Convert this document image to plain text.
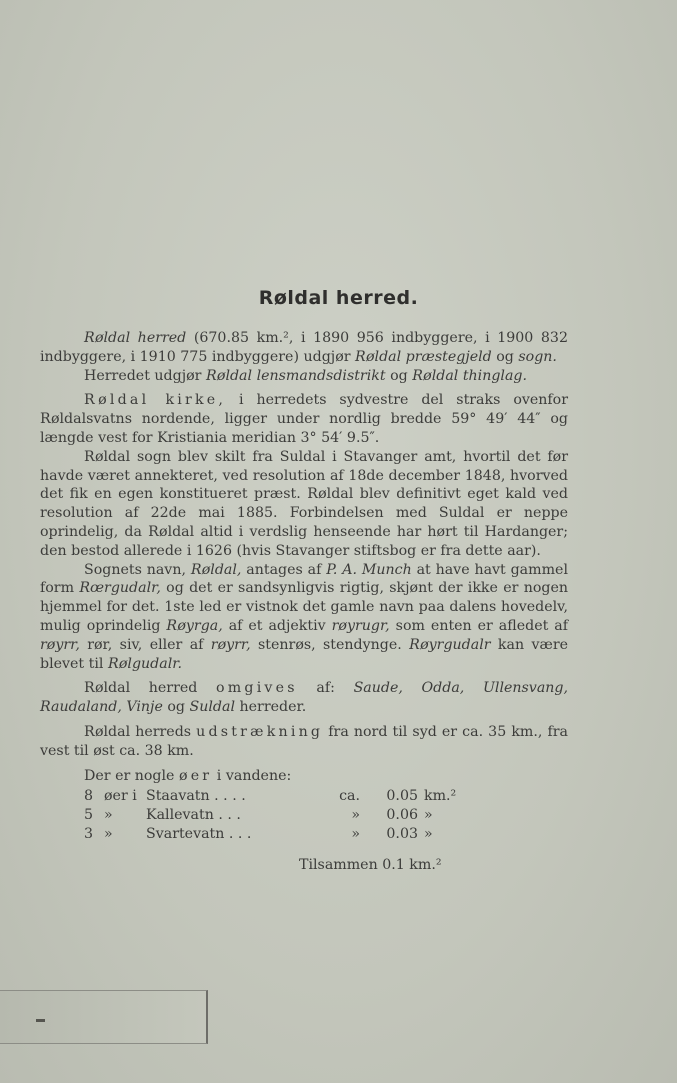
Røldal herred.

Røldal herred (670.85 km.², i 1890 956 indbyggere, i 1900 832 indbyggere, i 1910 775 indbyggere) udgjør Røldal præstegjeld og sogn.

Herredet udgjør Røldal lensmandsdistrikt og Røldal thinglag.

Røldal kirke, i herredets sydvestre del straks ovenfor Røldalsvatns nordende, ligger under nordlig bredde 59° 49′ 44″ og længde vest for Kristiania meridian 3° 54′ 9.5″.

Røldal sogn blev skilt fra Suldal i Stavanger amt, hvortil det før havde været annekteret, ved resolution af 18de december 1848, hvorved det fik en egen konstitueret præst. Røldal blev definitivt eget kald ved resolution af 22de mai 1885. Forbindelsen med Suldal er neppe oprindelig, da Røldal altid i verdslig henseende har hørt til Hardanger; den bestod allerede i 1626 (hvis Stavanger stiftsbog er fra dette aar).

Sognets navn, Røldal, antages af P. A. Munch at have havt gammel form Rœrgudalr, og det er sandsynligvis rigtig, skjønt der ikke er nogen hjemmel for det. 1ste led er vistnok det gamle navn paa dalens hovedelv, mulig oprindelig Røyrga, af et adjektiv røyrugr, som enten er afledet af røyrr, rør, siv, eller af røyrr, stenrøs, stendynge. Røyrgudalr kan være blevet til Rølgudalr.

Røldal herred omgives af: Saude, Odda, Ullensvang, Raudaland, Vinje og Suldal herreder.

Røldal herreds udstrækning fra nord til syd er ca. 35 km., fra vest til øst ca. 38 km.

Der er nogle øer i vandene:

8 øer i Staavatn . . . .	ca.	0.05 km.²
5 »	Kallevatn . . .	»	0.06 »
3 »	Svartevatn . . .	»	0.03 »
Tilsammen 0.1 km.²
